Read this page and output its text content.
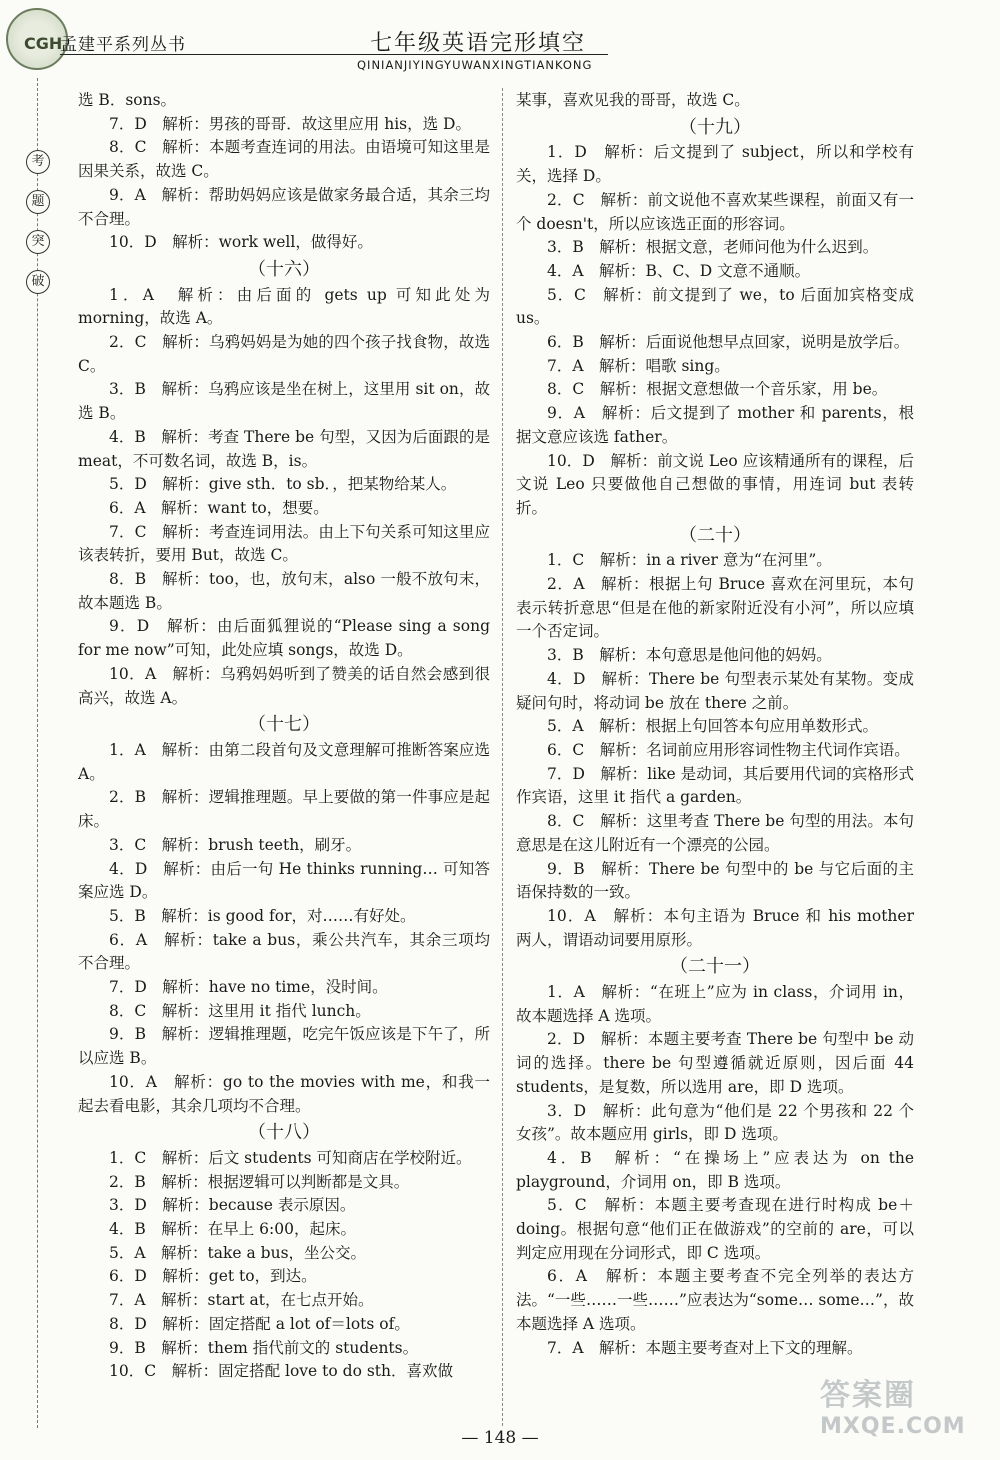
CGH
孟建平系列丛书	七年级英语完形填空
QINIANJIYINGYUWANXINGTIANKONG
考
题
突
破

选 B．sons。

7．D　解析：男孩的哥哥．故这里应用 his，选 D。

8．C　解析：本题考查连词的用法。由语境可知这里是因果关系，故选 C。

9．A　解析：帮助妈妈应该是做家务最合适，其余三均不合理。

10．D　解析：work well，做得好。

（十六）

1．A　解析：由后面的 gets up 可知此处为 morning，故选 A。

2．C　解析：乌鸦妈妈是为她的四个孩子找食物，故选 C。

3．B　解析：乌鸦应该是坐在树上，这里用 sit on，故选 B。

4．B　解析：考查 There be 句型，又因为后面跟的是 meat，不可数名词，故选 B，is。

5．D　解析：give sth．to sb．，把某物给某人。

6．A　解析：want to，想要。

7．C　解析：考查连词用法。由上下句关系可知这里应该表转折，要用 But，故选 C。

8．B　解析：too，也，放句末，also 一般不放句末，故本题选 B。

9．D　解析：由后面狐狸说的“Please sing a song for me now”可知，此处应填 songs，故选 D。

10．A　解析：乌鸦妈妈听到了赞美的话自然会感到很高兴，故选 A。

（十七）

1．A　解析：由第二段首句及文意理解可推断答案应选 A。

2．B　解析：逻辑推理题。早上要做的第一件事应是起床。

3．C　解析：brush teeth，刷牙。

4．D　解析：由后一句 He thinks running… 可知答案应选 D。

5．B　解析：is good for，对……有好处。

6．A　解析：take a bus，乘公共汽车，其余三项均不合理。

7．D　解析：have no time，没时间。

8．C　解析：这里用 it 指代 lunch。

9．B　解析：逻辑推理题，吃完午饭应该是下午了，所以应选 B。

10．A　解析：go to the movies with me，和我一起去看电影，其余几项均不合理。

（十八）

1．C　解析：后文 students 可知商店在学校附近。

2．B　解析：根据逻辑可以判断都是文具。

3．D　解析：because 表示原因。

4．B　解析：在早上 6:00，起床。

5．A　解析：take a bus，坐公交。

6．D　解析：get to，到达。

7．A　解析：start at，在七点开始。

8．D　解析：固定搭配 a lot of＝lots of。

9．B　解析：them 指代前文的 students。

10．C　解析：固定搭配 love to do sth．喜欢做

某事，喜欢见我的哥哥，故选 C。

（十九）

1．D　解析：后文提到了 subject，所以和学校有关，选择 D。

2．C　解析：前文说他不喜欢某些课程，前面又有一个 doesn't，所以应该选正面的形容词。

3．B　解析：根据文意，老师问他为什么迟到。

4．A　解析：B、C、D 文意不通顺。

5．C　解析：前文提到了 we，to 后面加宾格变成 us。

6．B　解析：后面说他想早点回家，说明是放学后。

7．A　解析：唱歌 sing。

8．C　解析：根据文意想做一个音乐家，用 be。

9．A　解析：后文提到了 mother 和 parents，根据文意应该选 father。

10．D　解析：前文说 Leo 应该精通所有的课程，后文说 Leo 只要做他自己想做的事情，用连词 but 表转折。

（二十）

1．C　解析：in a river 意为“在河里”。

2．A　解析：根据上句 Bruce 喜欢在河里玩，本句表示转折意思“但是在他的新家附近没有小河”，所以应填一个否定词。

3．B　解析：本句意思是他问他的妈妈。

4．D　解析：There be 句型表示某处有某物。变成疑问句时，将动词 be 放在 there 之前。

5．A　解析：根据上句回答本句应用单数形式。

6．C　解析：名词前应用形容词性物主代词作宾语。

7．D　解析：like 是动词，其后要用代词的宾格形式作宾语，这里 it 指代 a garden。

8．C　解析：这里考查 There be 句型的用法。本句意思是在这儿附近有一个漂亮的公园。

9．B　解析：There be 句型中的 be 与它后面的主语保持数的一致。

10．A　解析：本句主语为 Bruce 和 his mother 两人，谓语动词要用原形。

（二十一）

1．A　解析：“在班上”应为 in class，介词用 in，故本题选择 A 选项。

2．D　解析：本题主要考查 There be 句型中 be 动词的选择。there be 句型遵循就近原则，因后面 44 students，是复数，所以选用 are，即 D 选项。

3．D　解析：此句意为“他们是 22 个男孩和 22 个女孩”。故本题应用 girls，即 D 选项。

4．B　解析：“在操场上”应表达为 on the playground，介词用 on，即 B 选项。

5．C　解析：本题主要考查现在进行时构成 be＋doing。根据句意“他们正在做游戏”的空前的 are，可以判定应用现在分词形式，即 C 选项。

6．A　解析：本题主要考查不完全列举的表达方法。“一些……一些……”应表达为“some… some…”，故本题选择 A 选项。

7．A　解析：本题主要考查对上下文的理解。

— 148 —
答案圈
MXQE.COM
